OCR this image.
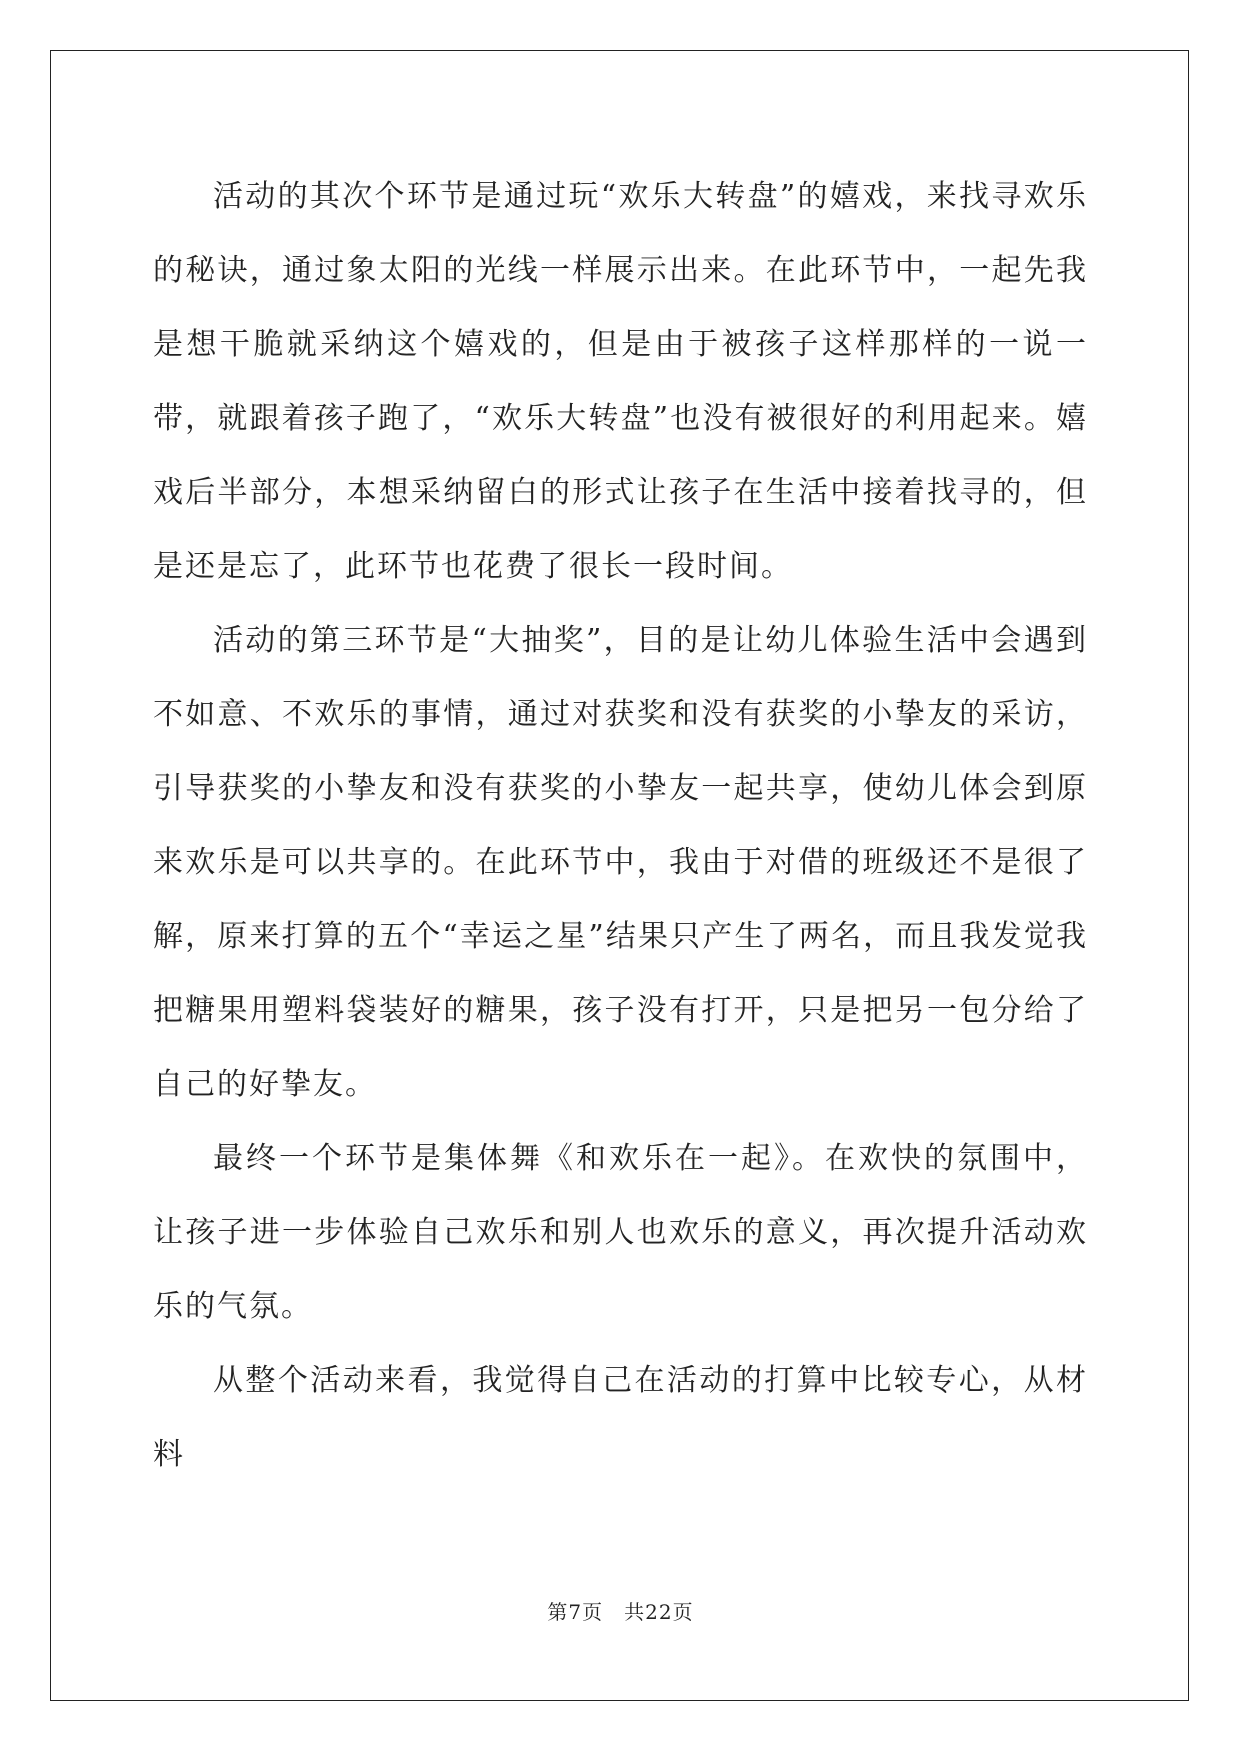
活动的其次个环节是通过玩“欢乐大转盘”的嬉戏，来找寻欢乐的秘诀，通过象太阳的光线一样展示出来。在此环节中，一起先我是想干脆就采纳这个嬉戏的，但是由于被孩子这样那样的一说一带，就跟着孩子跑了，“欢乐大转盘”也没有被很好的利用起来。嬉戏后半部分，本想采纳留白的形式让孩子在生活中接着找寻的，但是还是忘了，此环节也花费了很长一段时间。

活动的第三环节是“大抽奖”，目的是让幼儿体验生活中会遇到不如意、不欢乐的事情，通过对获奖和没有获奖的小挚友的采访，引导获奖的小挚友和没有获奖的小挚友一起共享，使幼儿体会到原来欢乐是可以共享的。在此环节中，我由于对借的班级还不是很了解，原来打算的五个“幸运之星”结果只产生了两名，而且我发觉我把糖果用塑料袋装好的糖果，孩子没有打开，只是把另一包分给了自己的好挚友。

最终一个环节是集体舞《和欢乐在一起》。在欢快的氛围中，让孩子进一步体验自己欢乐和别人也欢乐的意义，再次提升活动欢乐的气氛。

从整个活动来看，我觉得自己在活动的打算中比较专心，从材料

第7页　共22页
